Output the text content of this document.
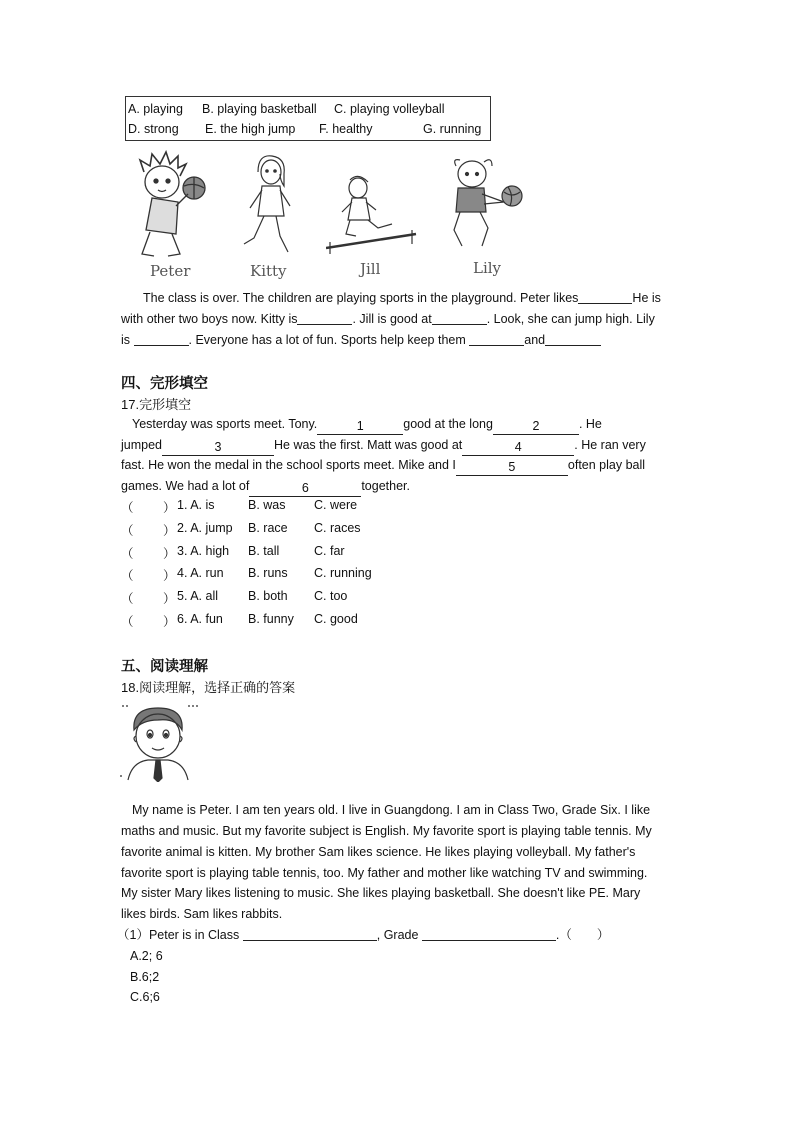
A. playing B. playing basketball C. playing volleyball
D. strong E. the high jump F. healthy	G. running
Peter	Kitty	Jill	Lily
The class is over. The children are playing sports in the playground. Peter likes	He is
with other two boys now. Kitty is	. Jill is good at	. Look, she can jump high. Lily
is	. Everyone has a lot of fun. Sports help keep them	and
四、完形填空
17.完形填空
Yesterday was sports meet. Tony.	1	good at the long	2	. He
jumped	3	He was the first. Matt was good at	4	. He ran very
fast. He won the medal in the school sports meet. Mike and I	5	often play ball
games. We had a lot of	6	together.
（ ） 1. A. is	B. was C. were
（ ） 2. A. jump B. race C. races
（ ） 3. A. high B. tall	C. far
（ ） 4. A. run B. runs C. running
（ ） 5. A. all B. both C. too
（ ） 6. A. fun B. funny C. good
五、阅读理解
18.阅读理解，选择正确的答案
My name is Peter. I am ten years old. I live in Guangdong. I am in Class Two, Grade Six. I like
maths and music. But my favorite subject is English. My favorite sport is playing table tennis. My
favorite animal is kitten. My brother Sam likes science. He likes playing volleyball. My father's
favorite sport is playing table tennis, too. My father and mother like watching TV and swimming.
My sister Mary likes listening to music. She likes playing basketball. She doesn't like PE. Mary
likes birds. Sam likes rabbits.
（1）Peter is in Class	, Grade	.（　　）
A.2; 6
B.6;2
C.6;6
